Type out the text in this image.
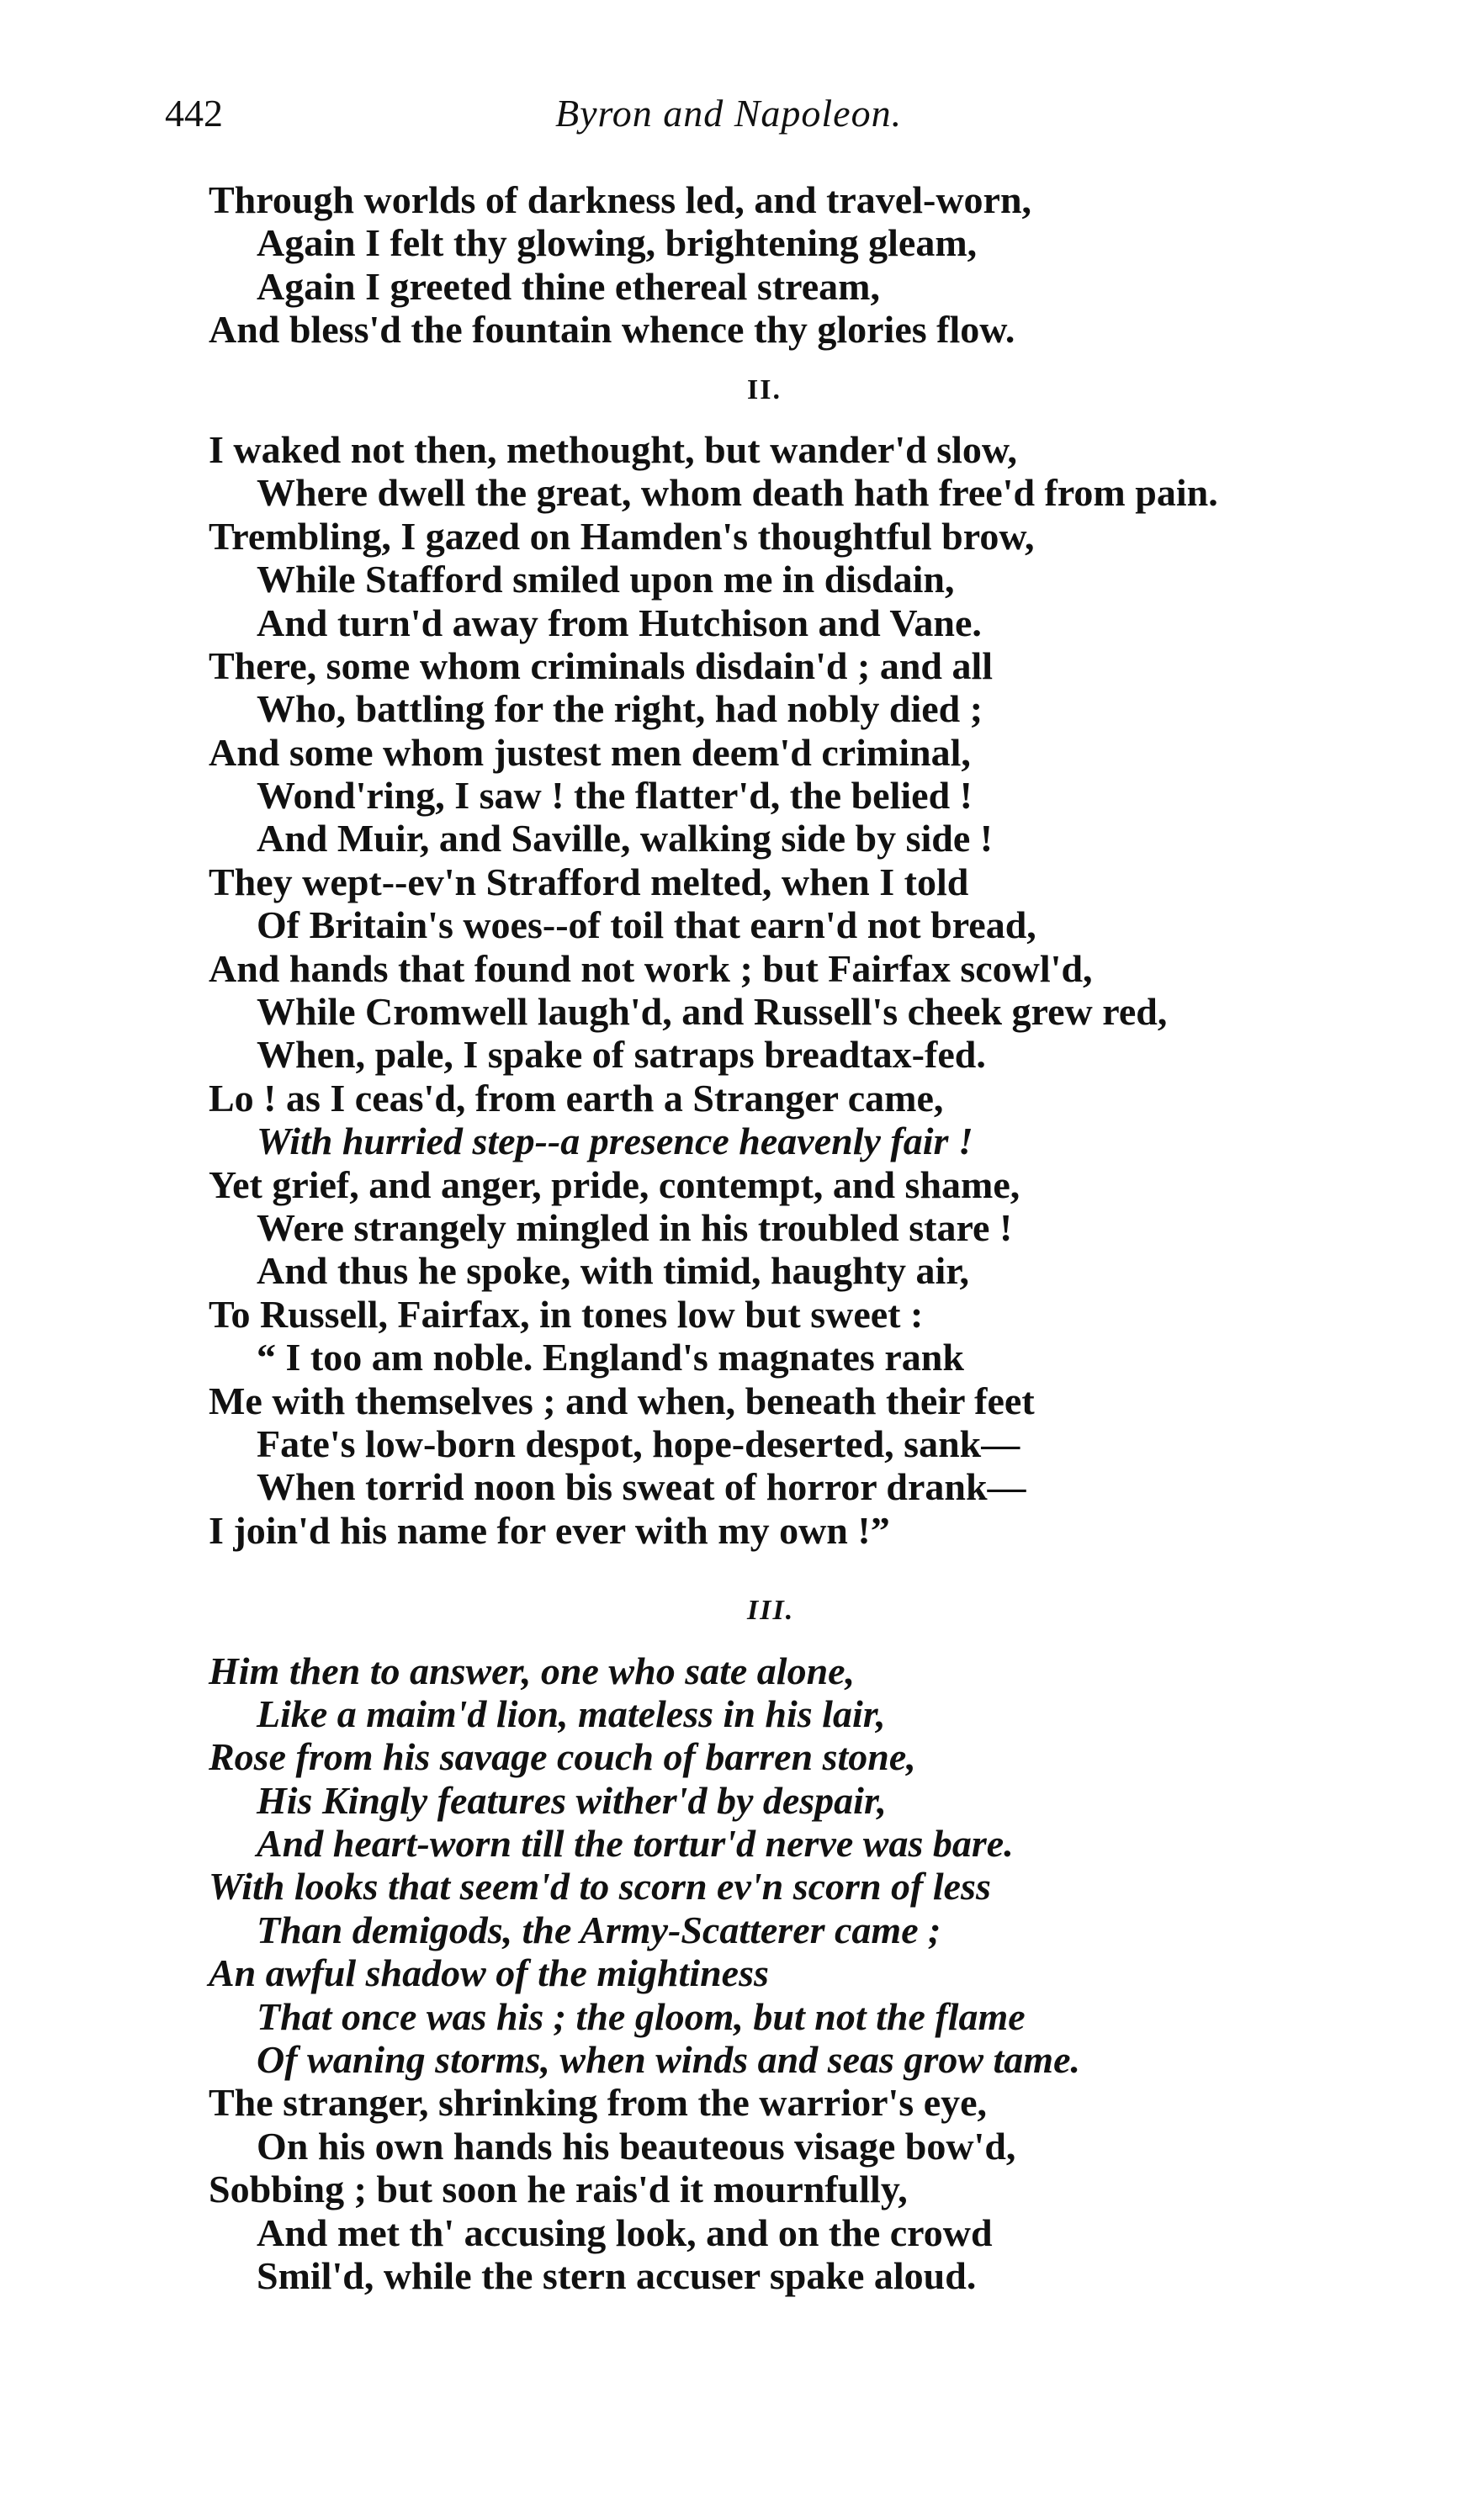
442	Byron and Napoleon.
Through worlds of darkness led, and travel-worn,
Again I felt thy glowing, brightening gleam,
Again I greeted thine ethereal stream,
And bless'd the fountain whence thy glories flow.
II.
I waked not then, methought, but wander'd slow,
Where dwell the great, whom death hath free'd from pain.
Trembling, I gazed on Hamden's thoughtful brow,
While Stafford smiled upon me in disdain,
And turn'd away from Hutchison and Vane.
There, some whom criminals disdain'd ; and all
Who, battling for the right, had nobly died ;
And some whom justest men deem'd criminal,
Wond'ring, I saw ! the flatter'd, the belied !
And Muir, and Saville, walking side by side !
They wept--ev'n Strafford melted, when I told
Of Britain's woes--of toil that earn'd not bread,
And hands that found not work ; but Fairfax scowl'd,
While Cromwell laugh'd, and Russell's cheek grew red,
When, pale, I spake of satraps breadtax-fed.
Lo ! as I ceas'd, from earth a Stranger came,
With hurried step--a presence heavenly fair !
Yet grief, and anger, pride, contempt, and shame,
Were strangely mingled in his troubled stare !
And thus he spoke, with timid, haughty air,
To Russell, Fairfax, in tones low but sweet :
“ I too am noble. England's magnates rank
Me with themselves ; and when, beneath their feet
Fate's low-born despot, hope-deserted, sank—
When torrid noon bis sweat of horror drank—
I join'd his name for ever with my own !”
III.
Him then to answer, one who sate alone,
Like a maim'd lion, mateless in his lair,
Rose from his savage couch of barren stone,
His Kingly features wither'd by despair,
And heart-worn till the tortur'd nerve was bare.
With looks that seem'd to scorn ev'n scorn of less
Than demigods, the Army-Scatterer came ;
An awful shadow of the mightiness
That once was his ; the gloom, but not the flame
Of waning storms, when winds and seas grow tame.
The stranger, shrinking from the warrior's eye,
On his own hands his beauteous visage bow'd,
Sobbing ; but soon he rais'd it mournfully,
And met th' accusing look, and on the crowd
Smil'd, while the stern accuser spake aloud.
